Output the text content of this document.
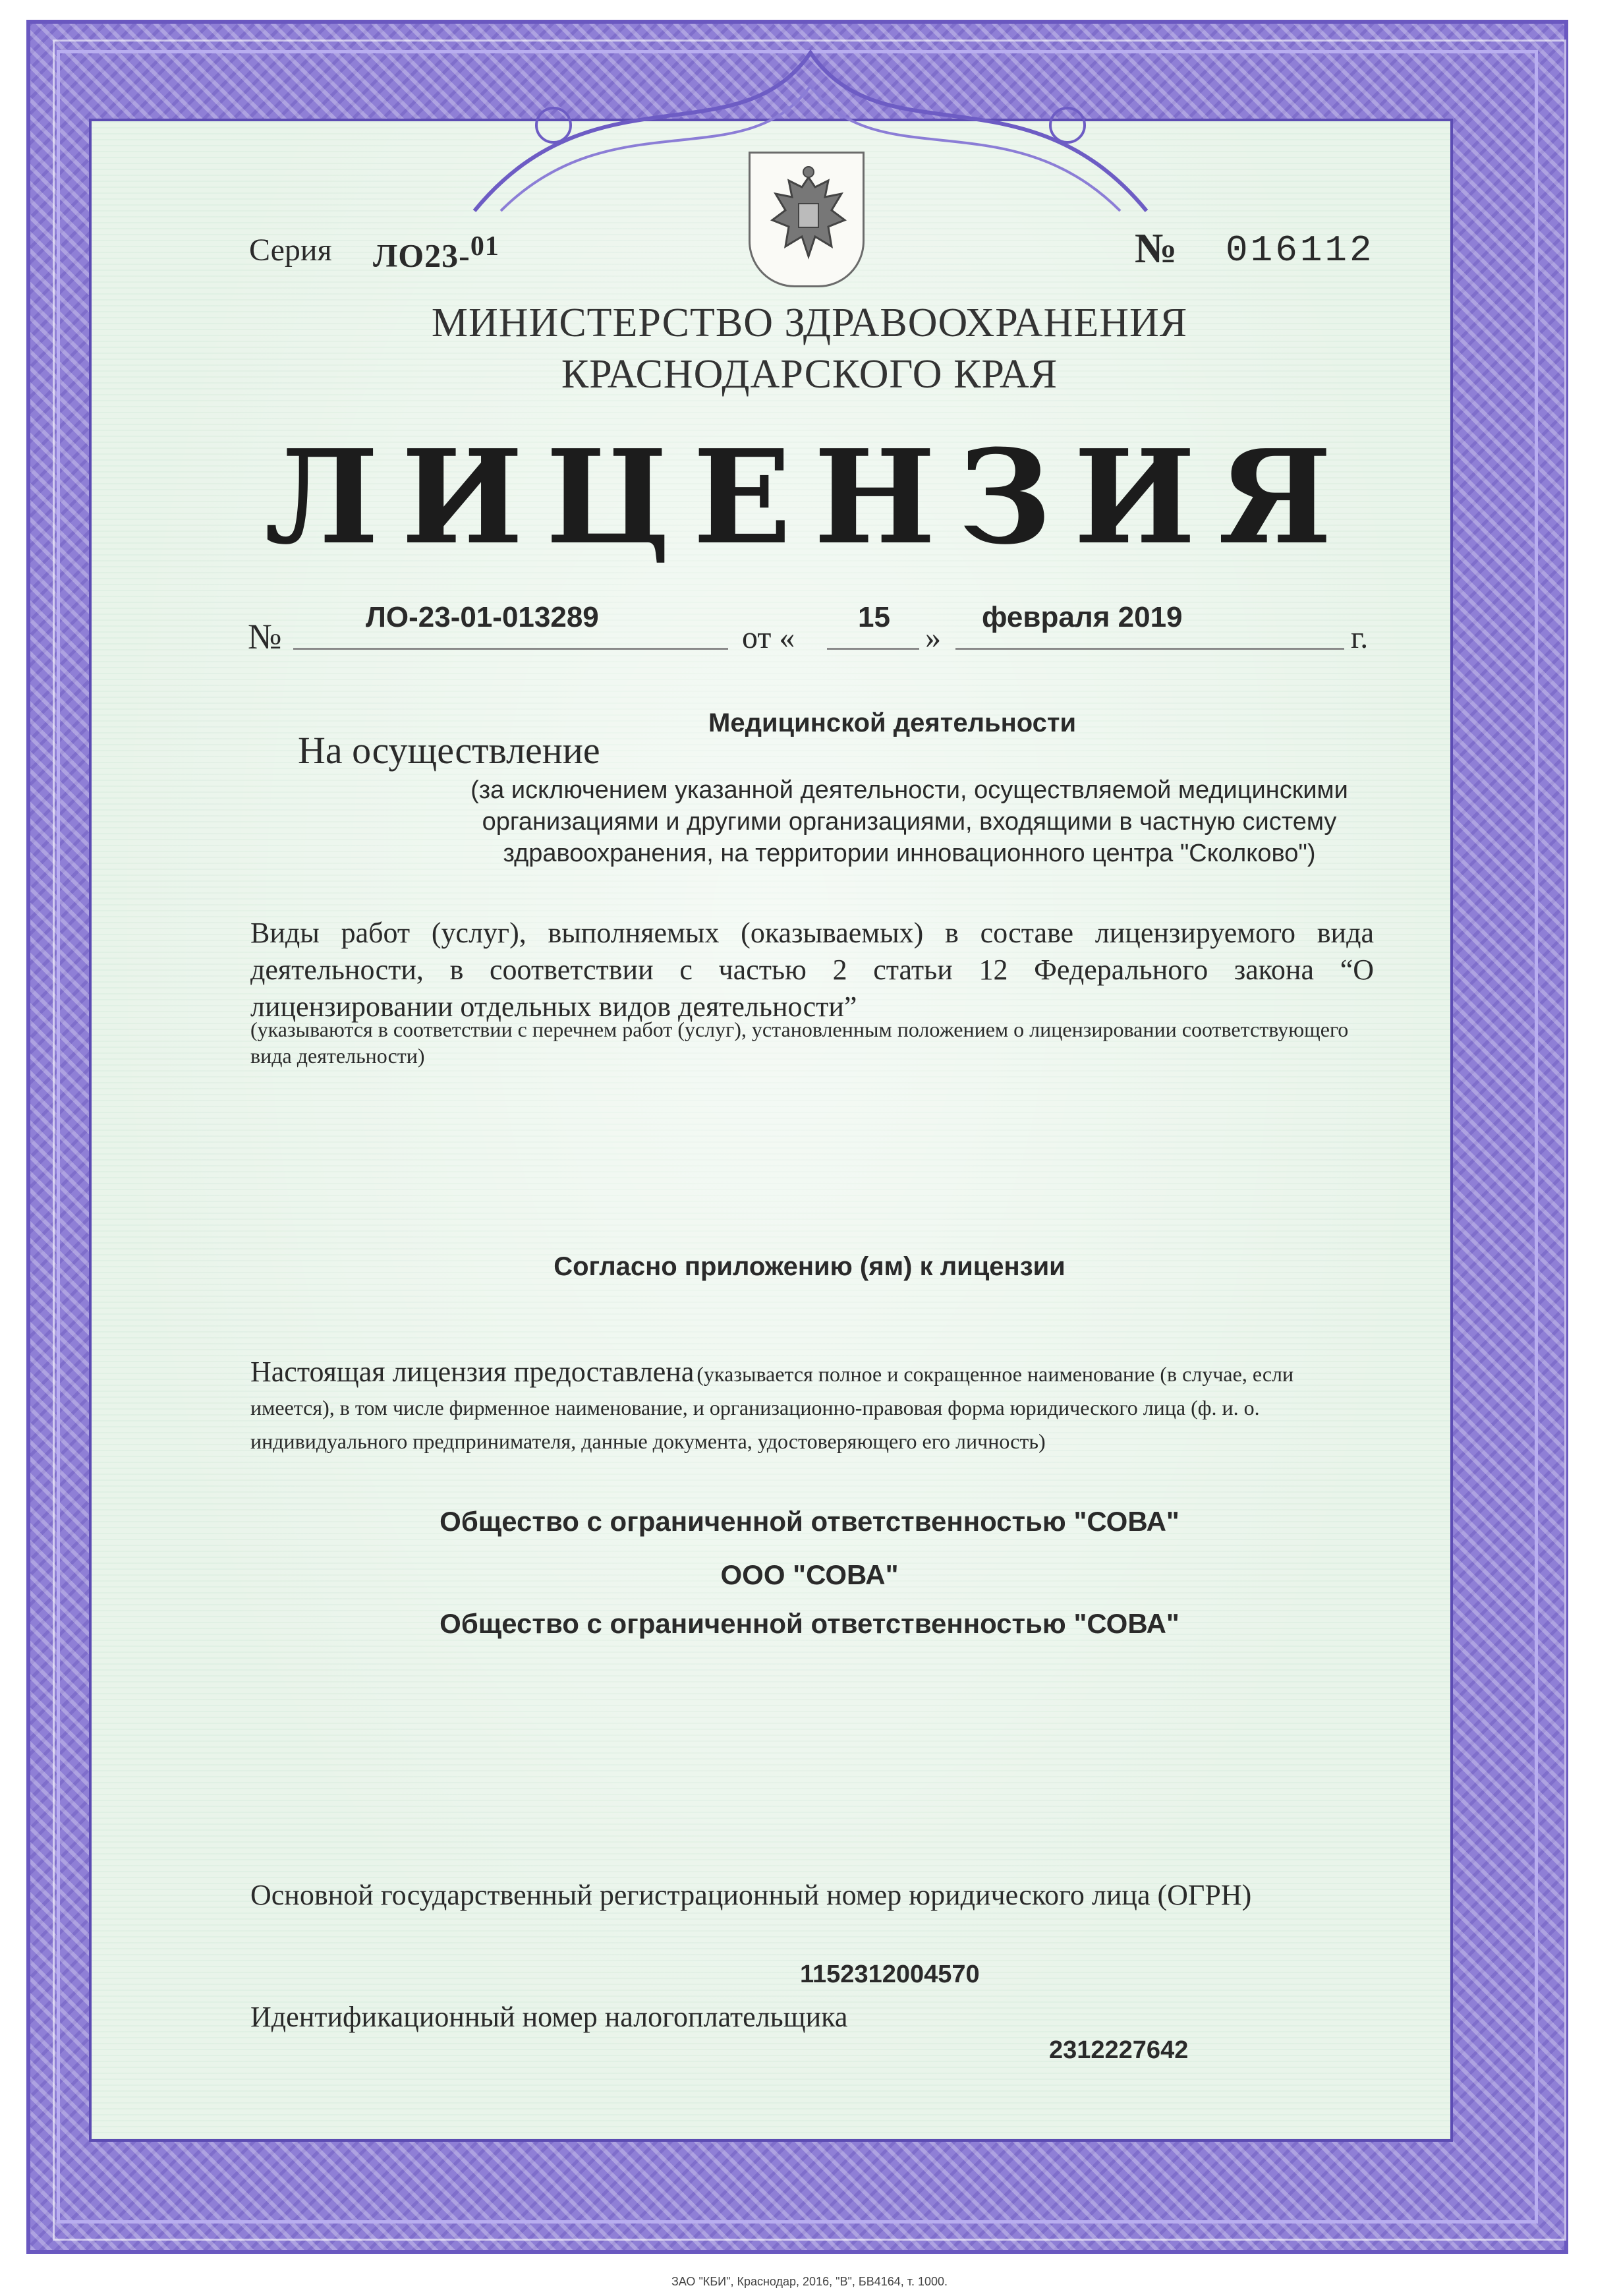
Серия ЛО23-$^{01}$	№ 016112
МИНИСТЕРСТВО ЗДРАВООХРАНЕНИЯ
КРАСНОДАРСКОГО КРАЯ
ЛИЦЕНЗИЯ
№	ЛО-23-01-013289
от «
15
»
февраля 2019
г.
Медицинской деятельности
На осуществление
(за исключением указанной деятельности, осуществляемой медицинскими организациями и другими организациями, входящими в частную систему здравоохранения, на территории инновационного центра "Сколково")
Виды работ (услуг), выполняемых (оказываемых) в составе лицензируемого вида деятельности, в соответствии с частью 2 статьи 12 Федерального закона “О лицензировании отдельных видов деятельности”
(указываются в соответствии с перечнем работ (услуг), установленным положением о лицензировании соответствующего вида деятельности)
Согласно приложению (ям) к лицензии
Настоящая лицензия предоставлена (указывается полное и сокращенное наименование (в случае, если имеется), в том числе фирменное наименование, и организационно-правовая форма юридического лица (ф. и. о. индивидуального предпринимателя, данные документа, удостоверяющего его личность)
Общество с ограниченной ответственностью "СОВА"
ООО "СОВА"
Общество с ограниченной ответственностью "СОВА"
Основной государственный регистрационный номер юридического лица (ОГРН)
1152312004570
Идентификационный номер налогоплательщика
2312227642
ЗАО "КБИ", Краснодар, 2016, "В", БВ4164, т. 1000.
